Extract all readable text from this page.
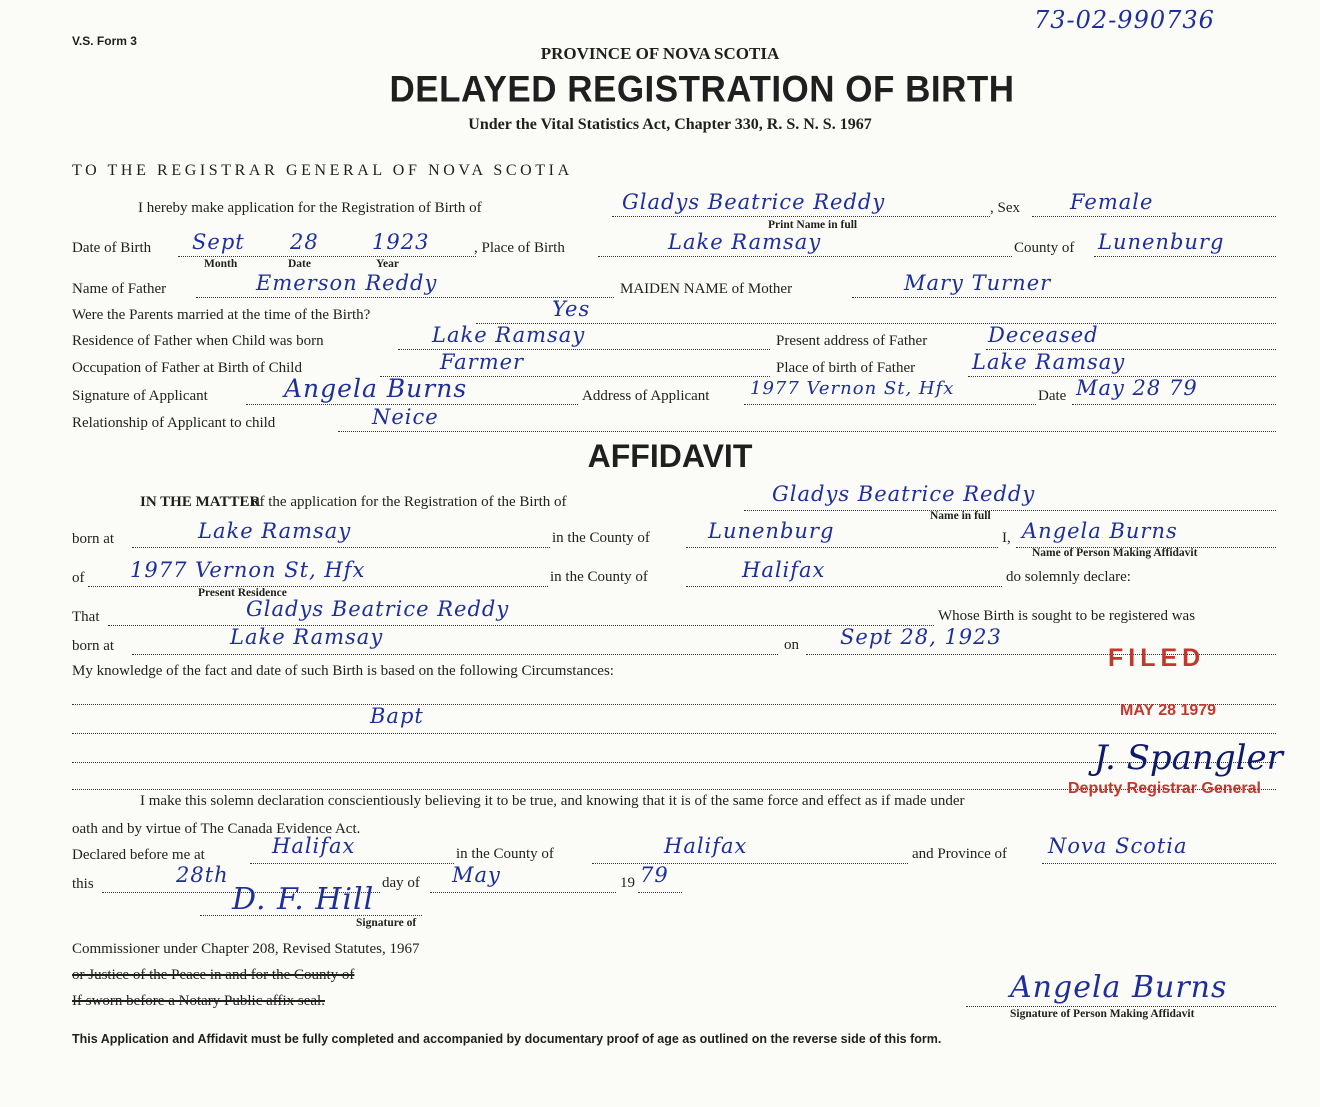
V.S. Form 3
73-02-990736
PROVINCE OF NOVA SCOTIA
DELAYED REGISTRATION OF BIRTH
Under the Vital Statistics Act, Chapter 330, R. S. N. S. 1967
TO THE REGISTRAR GENERAL OF NOVA SCOTIA
I hereby make application for the Registration of Birth of	Gladys Beatrice Reddy
Print Name in full
, Sex Female
Date of Birth Sept 28	1923
Month	Date	Year
, Place of Birth	Lake Ramsay	County of Lunenburg
Name of Father	Emerson Reddy	MAIDEN NAME of Mother	Mary Turner
Were the Parents married at the time of the Birth?	Yes
Residence of Father when Child was born	Lake Ramsay	Present address of Father	Deceased
Occupation of Father at Birth of Child	Farmer	Place of birth of Father	Lake Ramsay
Signature of Applicant	Angela Burns	Address of Applicant 1977 Vernon St, Hfx	Date May 28 79
Relationship of Applicant to child	Neice
AFFIDAVIT
IN THE MATTER
of the application for the Registration of the Birth of	Gladys Beatrice Reddy
Name in full
born at	Lake Ramsay	in the County of	Lunenburg	I, Angela Burns
Name of Person Making Affidavit
of 1977 Vernon St, Hfx
Present Residence
in the County of	Halifax	do solemnly declare:
That	Gladys Beatrice Reddy	Whose Birth is sought to be registered was
born at	Lake Ramsay	on Sept 28, 1923
My knowledge of the fact and date of such Birth is based on the following Circumstances:
Bapt
FILED
MAY 28 1979
J. Spangler
Deputy Registrar General
I make this solemn declaration conscientiously believing it to be true, and knowing that it is of the same force and effect as if made under
oath and by virtue of The Canada Evidence Act.
Declared before me at	Halifax	in the County of	Halifax	and Province of Nova Scotia
this	28th	day of May	19 79
D. F. Hill
Signature of
Commissioner under Chapter 208, Revised Statutes, 1967
or Justice of the Peace in and for the County of
If sworn before a Notary Public affix seal.	Angela Burns
Signature of Person Making Affidavit
This Application and Affidavit must be fully completed and accompanied by documentary proof of age as outlined on the reverse side of this form.
